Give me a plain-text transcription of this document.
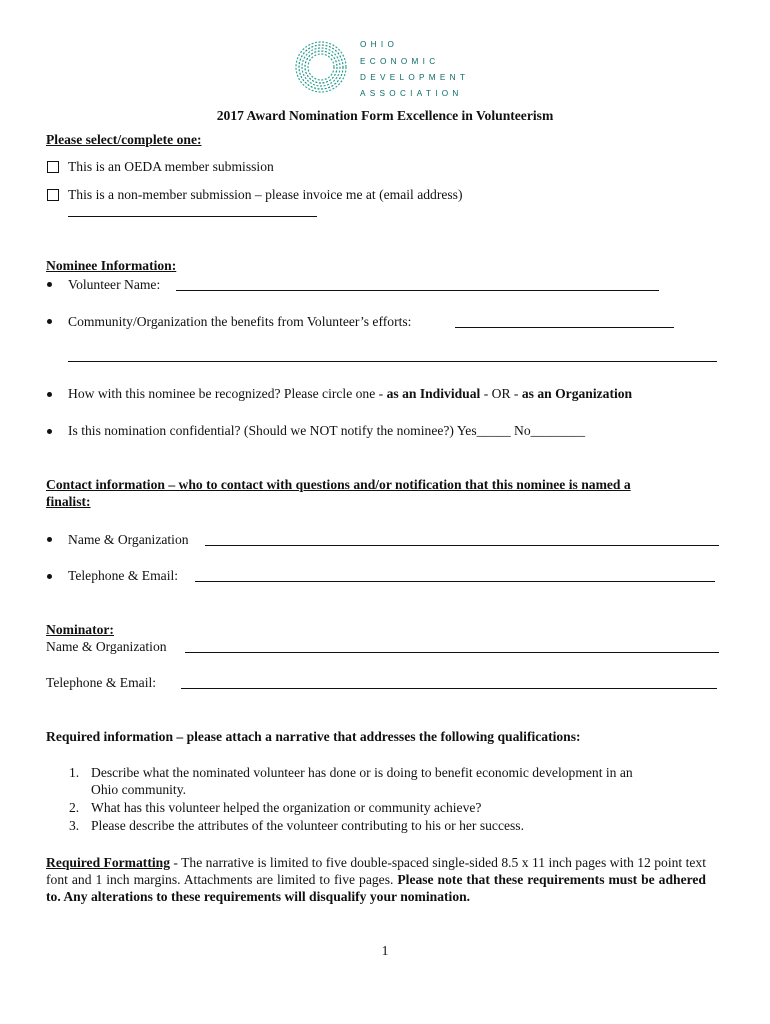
OHIO
ECONOMIC
DEVELOPMENT
ASSOCIATION
2017 Award Nomination Form Excellence in Volunteerism
Please select/complete one:
This is an OEDA member submission
This is a non-member submission – please invoice me at (email address)
Nominee Information:
Volunteer Name:
Community/Organization the benefits from Volunteer’s efforts:
How with this nominee be recognized? Please circle one - as an Individual - OR - as an Organization
Is this nomination confidential? (Should we NOT notify the nominee?) Yes_____ No________
Contact information – who to contact with questions and/or notification that this nominee is named a
finalist:
Name & Organization
Telephone & Email:
Nominator:
Name & Organization
Telephone & Email:
Required information – please attach a narrative that addresses the following qualifications:
1. Describe what the nominated volunteer has done or is doing to benefit economic development in an
Ohio community.
2. What has this volunteer helped the organization or community achieve?
3. Please describe the attributes of the volunteer contributing to his or her success.
Required Formatting - The narrative is limited to five double-spaced single-sided 8.5 x 11 inch pages with 12 point text font and 1 inch margins. Attachments are limited to five pages. Please note that these requirements must be adhered to. Any alterations to these requirements will disqualify your nomination.
1
